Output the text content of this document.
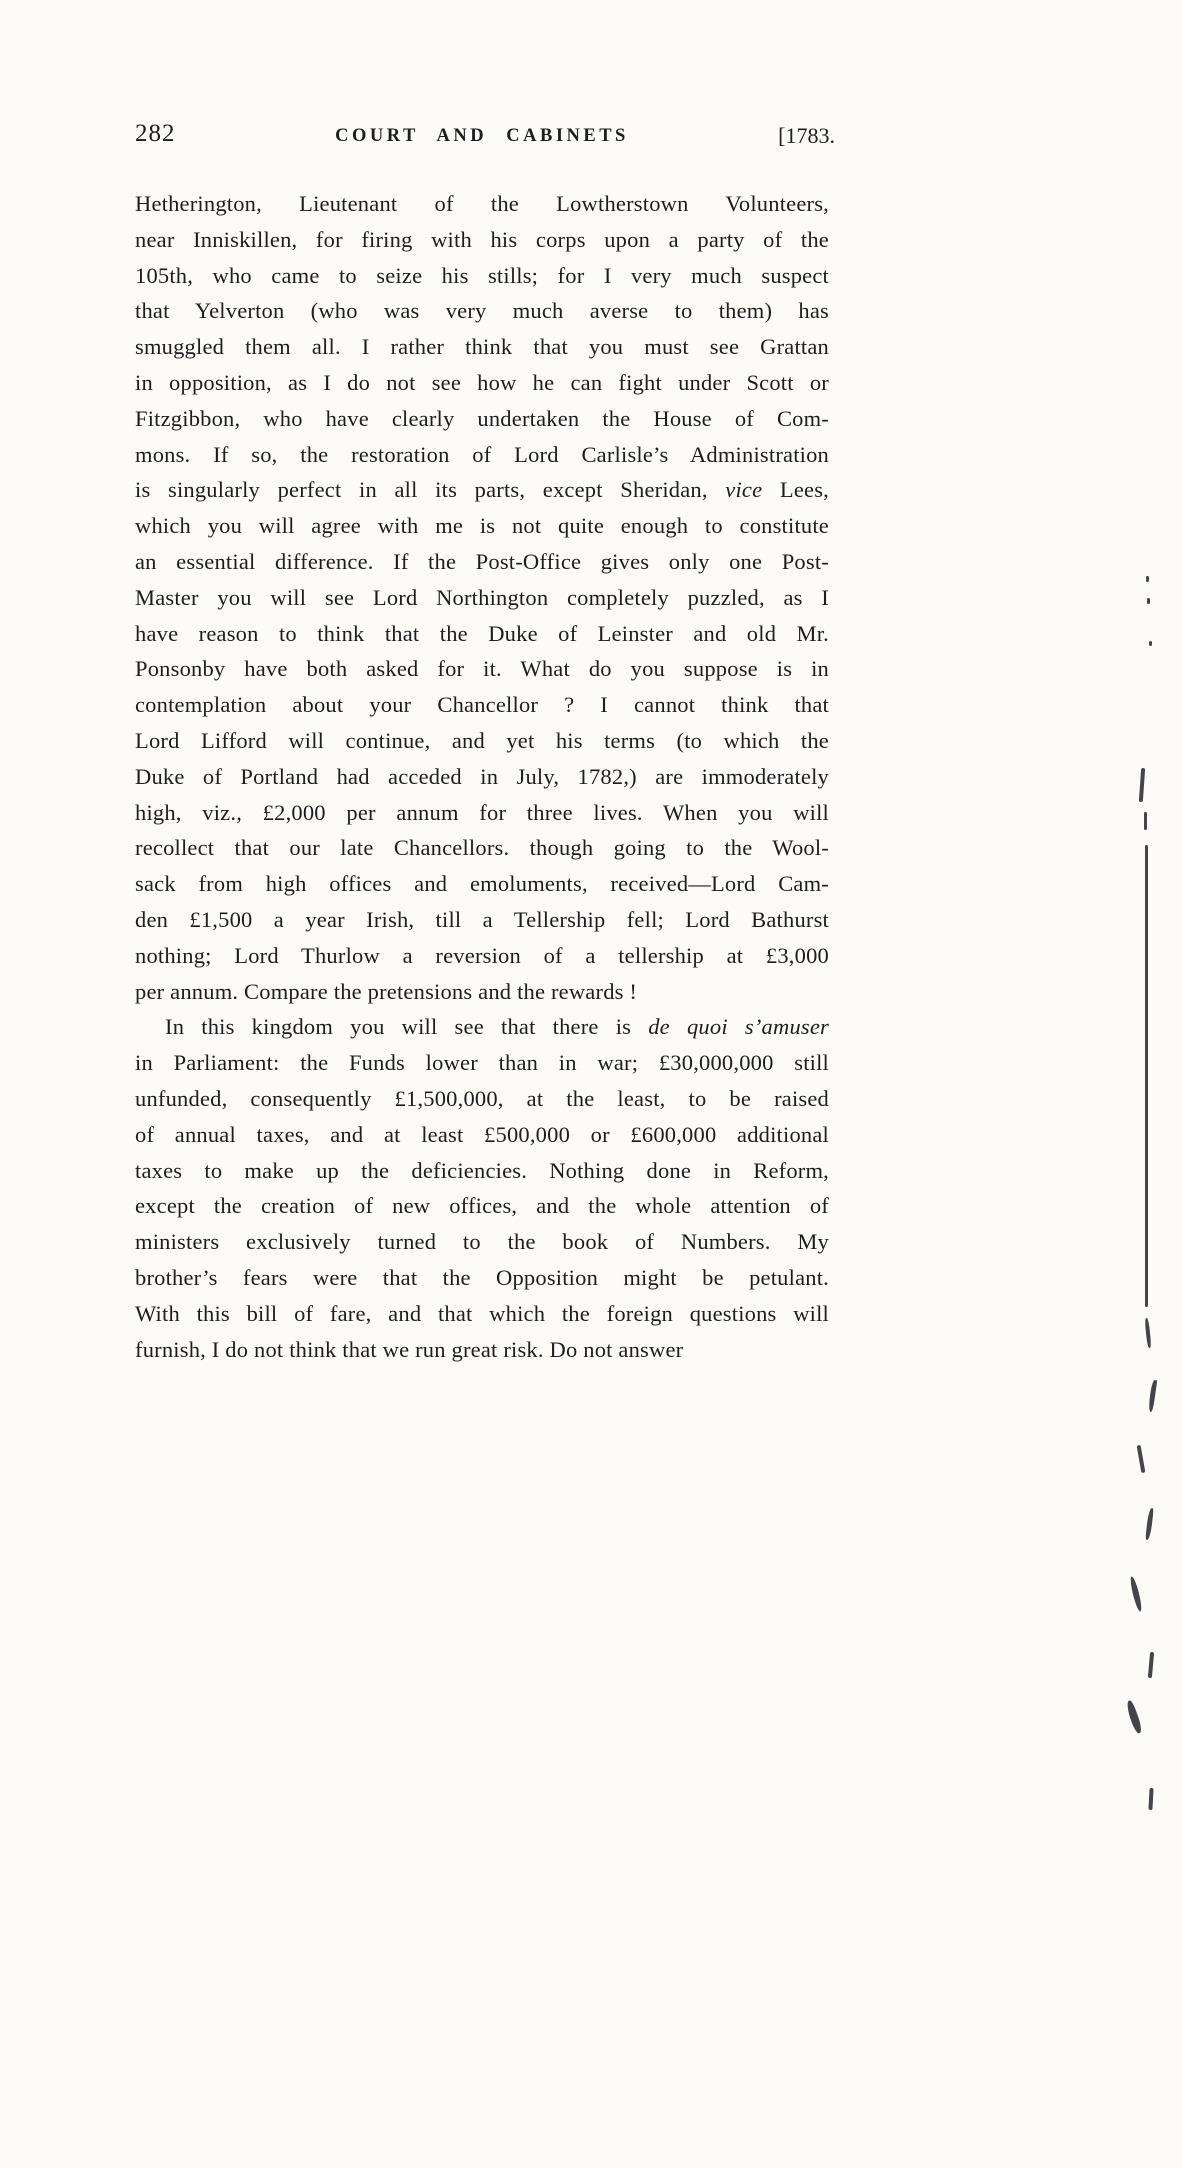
282	COURT AND CABINETS	[1783.
Hetherington, Lieutenant of the Lowtherstown Volunteers,
near Inniskillen, for firing with his corps upon a party of the
105th, who came to seize his stills; for I very much suspect
that Yelverton (who was very much averse to them) has
smuggled them all. I rather think that you must see Grattan
in opposition, as I do not see how he can fight under Scott or
Fitzgibbon, who have clearly undertaken the House of Com-
mons. If so, the restoration of Lord Carlisle’s Administration
is singularly perfect in all its parts, except Sheridan, vice Lees,
which you will agree with me is not quite enough to constitute
an essential difference. If the Post-Office gives only one Post-
Master you will see Lord Northington completely puzzled, as I
have reason to think that the Duke of Leinster and old Mr.
Ponsonby have both asked for it. What do you suppose is in
contemplation about your Chancellor ? I cannot think that
Lord Lifford will continue, and yet his terms (to which the
Duke of Portland had acceded in July, 1782,) are immoderately
high, viz., £2,000 per annum for three lives. When you will
recollect that our late Chancellors. though going to the Wool-
sack from high offices and emoluments, received—Lord Cam-
den £1,500 a year Irish, till a Tellership fell; Lord Bathurst
nothing; Lord Thurlow a reversion of a tellership at £3,000
per annum. Compare the pretensions and the rewards !
In this kingdom you will see that there is de quoi s’amuser
in Parliament: the Funds lower than in war; £30,000,000 still
unfunded, consequently £1,500,000, at the least, to be raised
of annual taxes, and at least £500,000 or £600,000 additional
taxes to make up the deficiencies. Nothing done in Reform,
except the creation of new offices, and the whole attention of
ministers exclusively turned to the book of Numbers. My
brother’s fears were that the Opposition might be petulant.
With this bill of fare, and that which the foreign questions will
furnish, I do not think that we run great risk. Do not answer
